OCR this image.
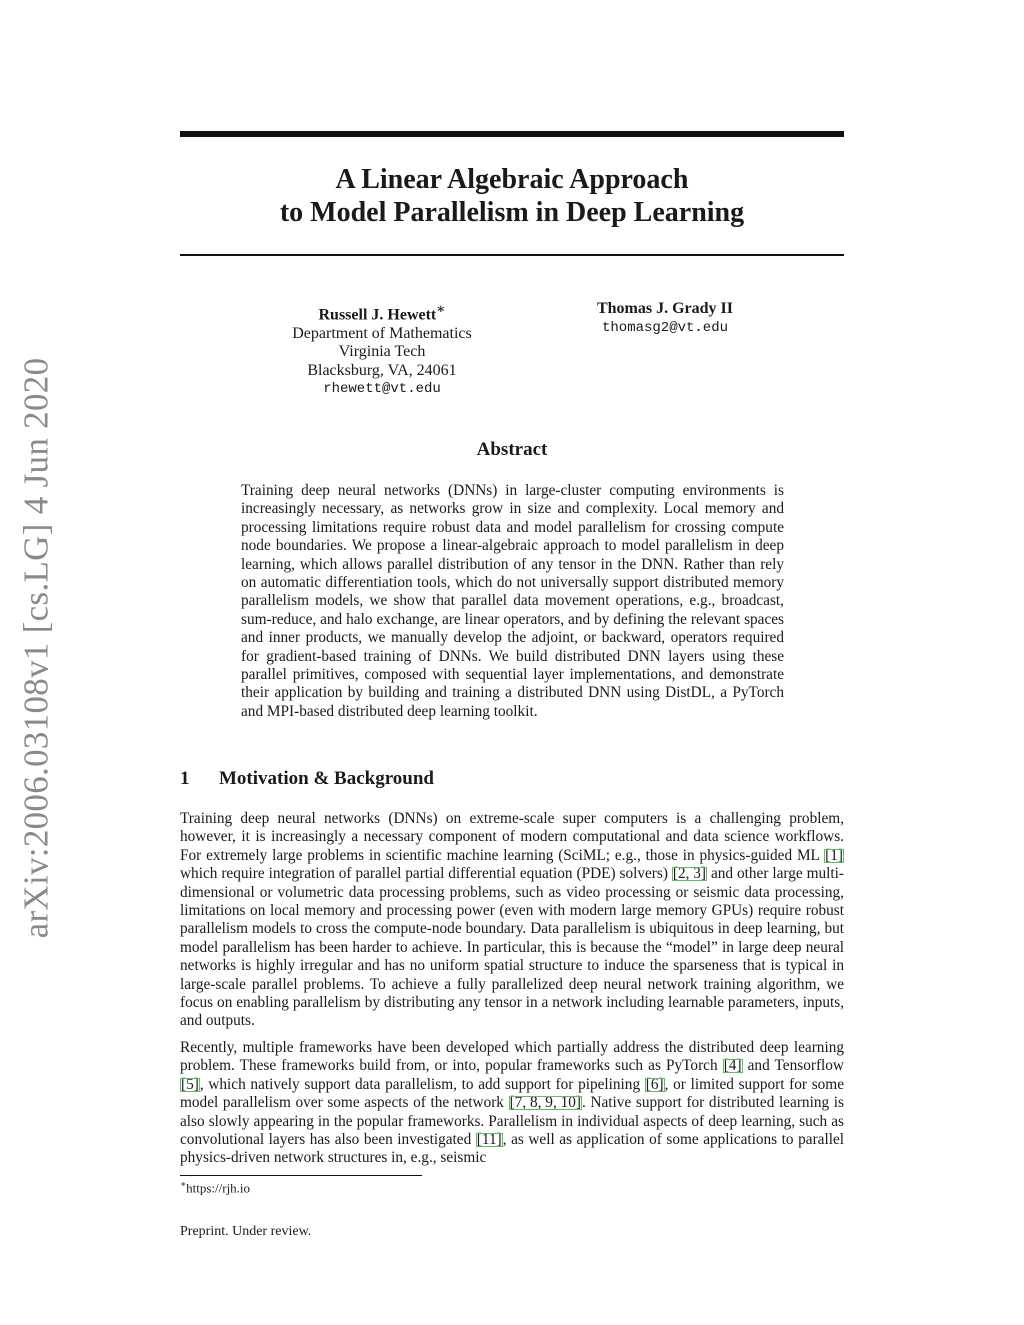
arXiv:2006.03108v1 [cs.LG] 4 Jun 2020
A Linear Algebraic Approach
to Model Parallelism in Deep Learning
Russell J. Hewett∗
Department of Mathematics
Virginia Tech
Blacksburg, VA, 24061
rhewett@vt.edu
Thomas J. Grady II
thomasg2@vt.edu
Abstract

Training deep neural networks (DNNs) in large-cluster computing environments is increasingly necessary, as networks grow in size and complexity. Local memory and processing limitations require robust data and model parallelism for crossing compute node boundaries. We propose a linear-algebraic approach to model parallelism in deep learning, which allows parallel distribution of any tensor in the DNN. Rather than rely on automatic differentiation tools, which do not universally support distributed memory parallelism models, we show that parallel data movement operations, e.g., broadcast, sum-reduce, and halo exchange, are linear operators, and by defining the relevant spaces and inner products, we manually develop the adjoint, or backward, operators required for gradient-based training of DNNs. We build distributed DNN layers using these parallel primitives, composed with sequential layer implementations, and demonstrate their application by building and training a distributed DNN using DistDL, a PyTorch and MPI-based distributed deep learning toolkit.

1 Motivation & Background

Training deep neural networks (DNNs) on extreme-scale super computers is a challenging problem, however, it is increasingly a necessary component of modern computational and data science workflows. For extremely large problems in scientific machine learning (SciML; e.g., those in physics-guided ML [1] which require integration of parallel partial differential equation (PDE) solvers) [2, 3] and other large multi-dimensional or volumetric data processing problems, such as video processing or seismic data processing, limitations on local memory and processing power (even with modern large memory GPUs) require robust parallelism models to cross the compute-node boundary. Data parallelism is ubiquitous in deep learning, but model parallelism has been harder to achieve. In particular, this is because the “model” in large deep neural networks is highly irregular and has no uniform spatial structure to induce the sparseness that is typical in large-scale parallel problems. To achieve a fully parallelized deep neural network training algorithm, we focus on enabling parallelism by distributing any tensor in a network including learnable parameters, inputs, and outputs.

Recently, multiple frameworks have been developed which partially address the distributed deep learning problem. These frameworks build from, or into, popular frameworks such as PyTorch [4] and Tensorflow [5], which natively support data parallelism, to add support for pipelining [6], or limited support for some model parallelism over some aspects of the network [7, 8, 9, 10]. Native support for distributed learning is also slowly appearing in the popular frameworks. Parallelism in individual aspects of deep learning, such as convolutional layers has also been investigated [11], as well as application of some applications to parallel physics-driven network structures in, e.g., seismic

∗https://rjh.io

Preprint. Under review.
